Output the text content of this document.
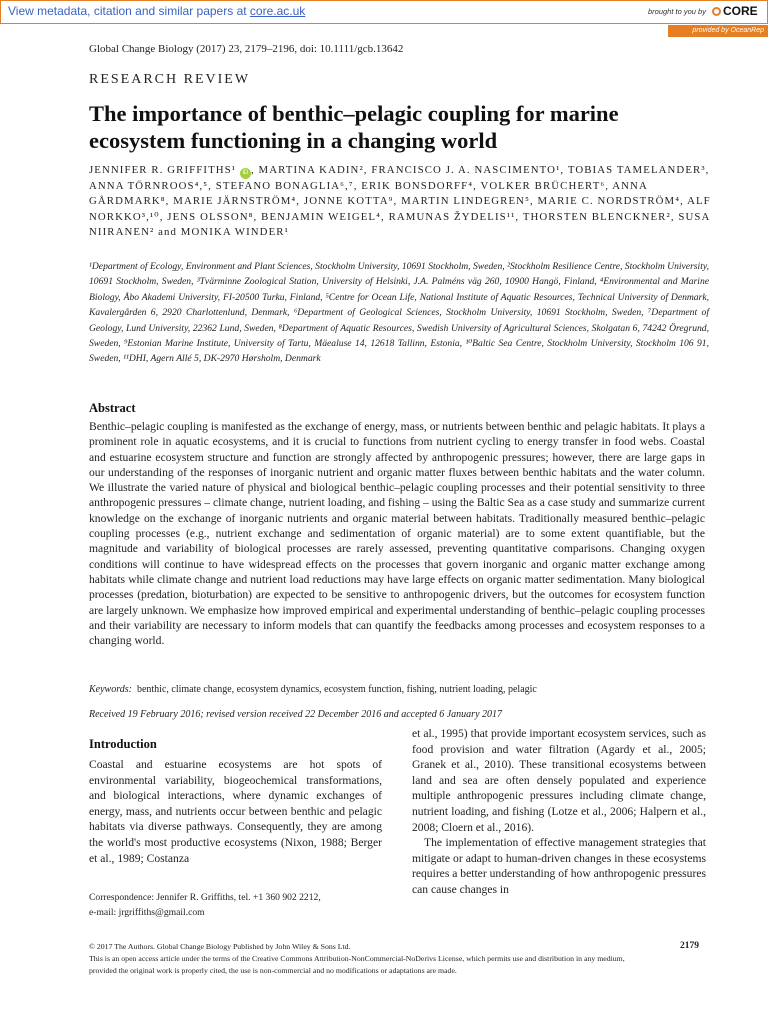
View metadata, citation and similar papers at core.ac.uk	brought to you by	CORE
provided by OceanRep
Global Change Biology (2017) 23, 2179–2196, doi: 10.1111/gcb.13642
RESEARCH REVIEW
The importance of benthic–pelagic coupling for marine ecosystem functioning in a changing world
JENNIFER R. GRIFFITHS¹ iD , MARTINA KADIN², FRANCISCO J. A. NASCIMENTO¹, TOBIAS TAMELANDER³, ANNA TÖRNROOS⁴,⁵, STEFANO BONAGLIA⁶,⁷, ERIK BONSDORFF⁴, VOLKER BRÜCHERT⁶, ANNA GÅRDMARK⁸, MARIE JÄRNSTRÖM⁴, JONNE KOTTA⁹, MARTIN LINDEGREN⁵, MARIE C. NORDSTRÖM⁴, ALF NORKKO³,¹⁰, JENS OLSSON⁸, BENJAMIN WEIGEL⁴, RAMUNAS ŽYDELIS¹¹, THORSTEN BLENCKNER², SUSA NIIRANEN² and MONIKA WINDER¹
¹Department of Ecology, Environment and Plant Sciences, Stockholm University, 10691 Stockholm, Sweden, ²Stockholm Resilience Centre, Stockholm University, 10691 Stockholm, Sweden, ³Tvärminne Zoological Station, University of Helsinki, J.A. Palméns väg 260, 10900 Hangö, Finland, ⁴Environmental and Marine Biology, Åbo Akademi University, FI-20500 Turku, Finland, ⁵Centre for Ocean Life, National Institute of Aquatic Resources, Technical University of Denmark, Kavalergården 6, 2920 Charlottenlund, Denmark, ⁶Department of Geological Sciences, Stockholm University, 10691 Stockholm, Sweden, ⁷Department of Geology, Lund University, 22362 Lund, Sweden, ⁸Department of Aquatic Resources, Swedish University of Agricultural Sciences, Skolgatan 6, 74242 Öregrund, Sweden, ⁹Estonian Marine Institute, University of Tartu, Mäealuse 14, 12618 Tallinn, Estonia, ¹⁰Baltic Sea Centre, Stockholm University, Stockholm 106 91, Sweden, ¹¹DHI, Agern Allé 5, DK-2970 Hørsholm, Denmark
Abstract
Benthic–pelagic coupling is manifested as the exchange of energy, mass, or nutrients between benthic and pelagic habitats. It plays a prominent role in aquatic ecosystems, and it is crucial to functions from nutrient cycling to energy transfer in food webs. Coastal and estuarine ecosystem structure and function are strongly affected by anthropogenic pressures; however, there are large gaps in our understanding of the responses of inorganic nutrient and organic matter fluxes between benthic habitats and the water column. We illustrate the varied nature of physical and biological benthic–pelagic coupling processes and their potential sensitivity to three anthropogenic pressures – climate change, nutrient loading, and fishing – using the Baltic Sea as a case study and summarize current knowledge on the exchange of inorganic nutrients and organic material between habitats. Traditionally measured benthic–pelagic coupling processes (e.g., nutrient exchange and sedimentation of organic material) are to some extent quantifiable, but the magnitude and variability of biological processes are rarely assessed, preventing quantitative comparisons. Changing oxygen conditions will continue to have widespread effects on the processes that govern inorganic and organic matter exchange among habitats while climate change and nutrient load reductions may have large effects on organic matter sedimentation. Many biological processes (predation, bioturbation) are expected to be sensitive to anthropogenic drivers, but the outcomes for ecosystem function are largely unknown. We emphasize how improved empirical and experimental understanding of benthic–pelagic coupling processes and their variability are necessary to inform models that can quantify the feedbacks among processes and ecosystem responses to a changing world.
Keywords: benthic, climate change, ecosystem dynamics, ecosystem function, fishing, nutrient loading, pelagic
Received 19 February 2016; revised version received 22 December 2016 and accepted 6 January 2017
Introduction
Coastal and estuarine ecosystems are hot spots of environmental variability, biogeochemical transformations, and biological interactions, where dynamic exchanges of energy, mass, and nutrients occur between benthic and pelagic habitats via diverse pathways. Consequently, they are among the world's most productive ecosystems (Nixon, 1988; Berger et al., 1989; Costanza
et al., 1995) that provide important ecosystem services, such as food provision and water filtration (Agardy et al., 2005; Granek et al., 2010). These transitional ecosystems between land and sea are often densely populated and experience multiple anthropogenic pressures including climate change, nutrient loading, and fishing (Lotze et al., 2006; Halpern et al., 2008; Cloern et al., 2016).
The implementation of effective management strategies that mitigate or adapt to human-driven changes in these ecosystems requires a better understanding of how anthropogenic pressures can cause changes in
Correspondence: Jennifer R. Griffiths, tel. +1 360 902 2212,
e-mail: jrgriffiths@gmail.com
© 2017 The Authors. Global Change Biology Published by John Wiley & Sons Ltd.
This is an open access article under the terms of the Creative Commons Attribution-NonCommercial-NoDerivs License, which permits use and distribution in any medium, provided the original work is properly cited, the use is non-commercial and no modifications or adaptations are made.
2179
